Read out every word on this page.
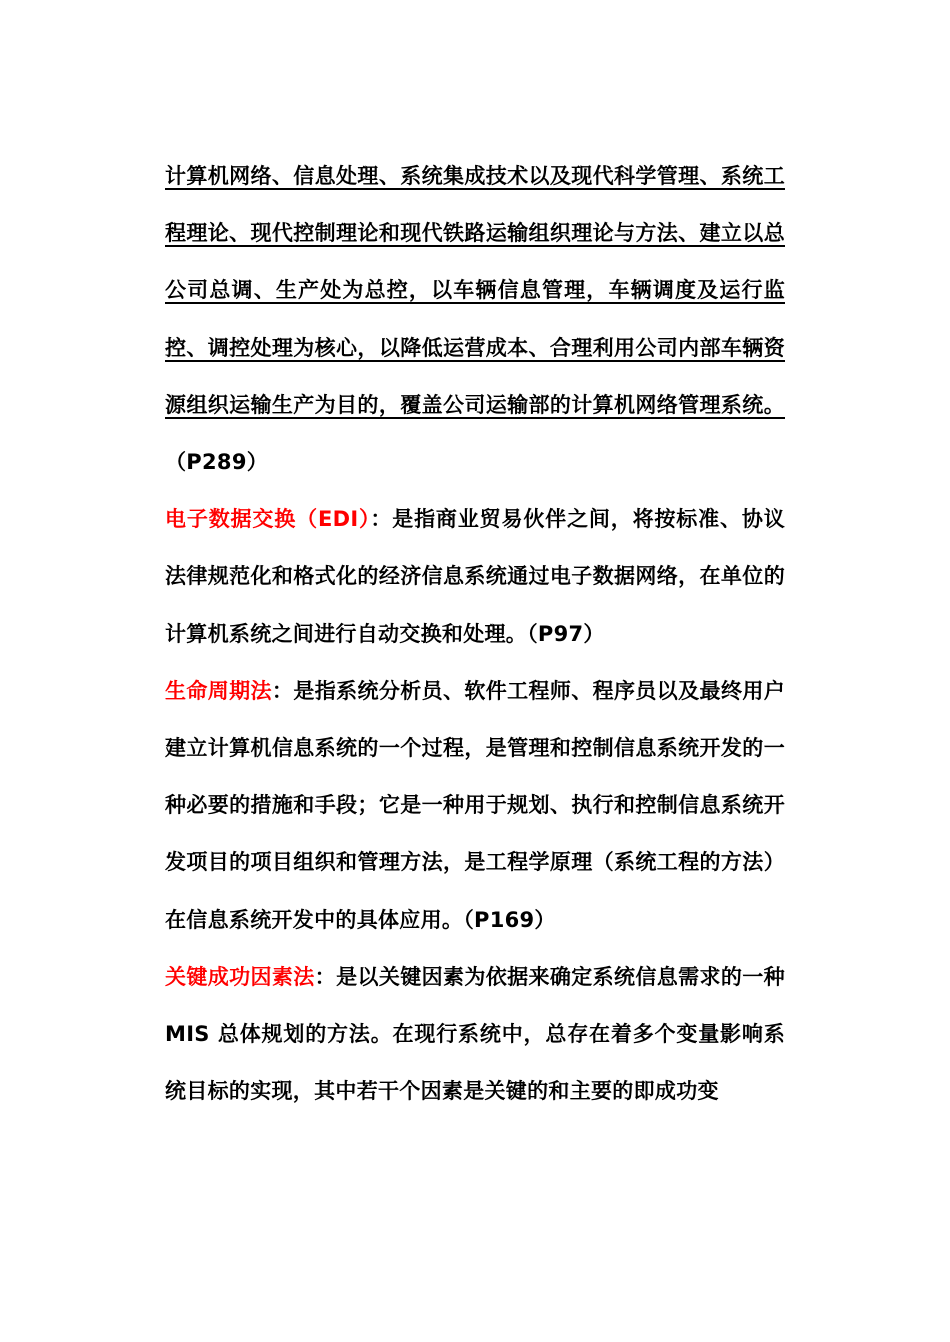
计算机网络、信息处理、系统集成技术以及现代科学管理、系统工程理论、现代控制理论和现代铁路运输组织理论与方法、建立以总公司总调、生产处为总控，以车辆信息管理，车辆调度及运行监控、调控处理为核心，以降低运营成本、合理利用公司内部车辆资源组织运输生产为目的，覆盖公司运输部的计算机网络管理系统。 （P289）

电子数据交换（EDI）：是指商业贸易伙伴之间，将按标准、协议法律规范化和格式化的经济信息系统通过电子数据网络，在单位的计算机系统之间进行自动交换和处理。（P97）

生命周期法：是指系统分析员、软件工程师、程序员以及最终用户建立计算机信息系统的一个过程，是管理和控制信息系统开发的一种必要的措施和手段；它是一种用于规划、执行和控制信息系统开发项目的项目组织和管理方法，是工程学原理（系统工程的方法）在信息系统开发中的具体应用。（P169）

关键成功因素法：是以关键因素为依据来确定系统信息需求的一种 MIS 总体规划的方法。在现行系统中，总存在着多个变量影响系统目标的实现，其中若干个因素是关键的和主要的即成功变
